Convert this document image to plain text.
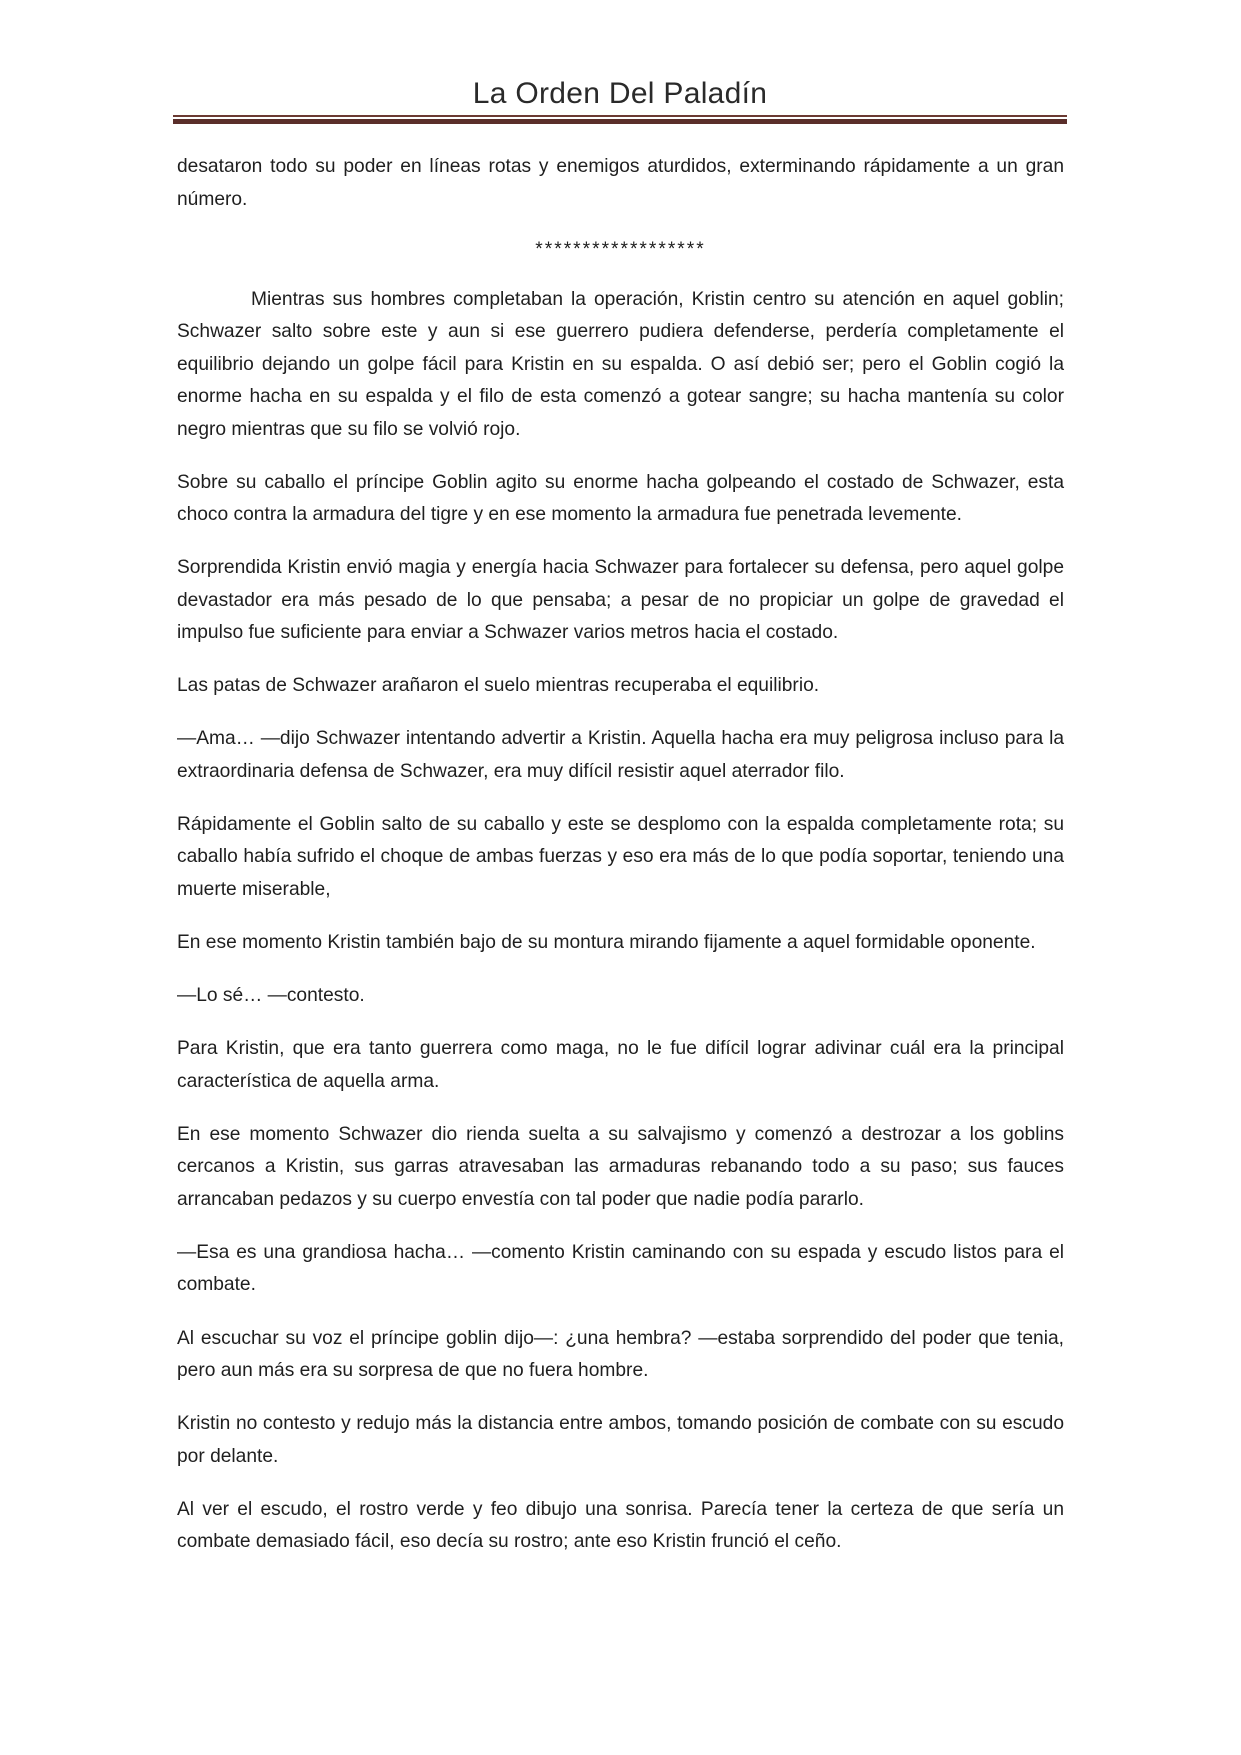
La Orden Del Paladín

desataron todo su poder en líneas rotas y enemigos aturdidos, exterminando rápidamente a un gran número.

******************

Mientras sus hombres completaban la operación, Kristin centro su atención en aquel goblin; Schwazer salto sobre este y aun si ese guerrero pudiera defenderse, perdería completamente el equilibrio dejando un golpe fácil para Kristin en su espalda. O así debió ser; pero el Goblin cogió la enorme hacha en su espalda y el filo de esta comenzó a gotear sangre; su hacha mantenía su color negro mientras que su filo se volvió rojo.

Sobre su caballo el príncipe Goblin agito su enorme hacha golpeando el costado de Schwazer, esta choco contra la armadura del tigre y en ese momento la armadura fue penetrada levemente.

Sorprendida Kristin envió magia y energía hacia Schwazer para fortalecer su defensa, pero aquel golpe devastador era más pesado de lo que pensaba; a pesar de no propiciar un golpe de gravedad el impulso fue suficiente para enviar a Schwazer varios metros hacia el costado.

Las patas de Schwazer arañaron el suelo mientras recuperaba el equilibrio.

—Ama… —dijo Schwazer intentando advertir a Kristin. Aquella hacha era muy peligrosa incluso para la extraordinaria defensa de Schwazer, era muy difícil resistir aquel aterrador filo.

Rápidamente el Goblin salto de su caballo y este se desplomo con la espalda completamente rota; su caballo había sufrido el choque de ambas fuerzas y eso era más de lo que podía soportar, teniendo una muerte miserable,

En ese momento Kristin también bajo de su montura mirando fijamente a aquel formidable oponente.

—Lo sé… —contesto.

Para Kristin, que era tanto guerrera como maga, no le fue difícil lograr adivinar cuál era la principal característica de aquella arma.

En ese momento Schwazer dio rienda suelta a su salvajismo y comenzó a destrozar a los goblins cercanos a Kristin, sus garras atravesaban las armaduras rebanando todo a su paso; sus fauces arrancaban pedazos y su cuerpo envestía con tal poder que nadie podía pararlo.

—Esa es una grandiosa hacha… —comento Kristin caminando con su espada y escudo listos para el combate.

Al escuchar su voz el príncipe goblin dijo—: ¿una hembra? —estaba sorprendido del poder que tenia, pero aun más era su sorpresa de que no fuera hombre.

Kristin no contesto y redujo más la distancia entre ambos, tomando posición de combate con su escudo por delante.

Al ver el escudo, el rostro verde y feo dibujo una sonrisa. Parecía tener la certeza de que sería un combate demasiado fácil, eso decía su rostro; ante eso Kristin frunció el ceño.
